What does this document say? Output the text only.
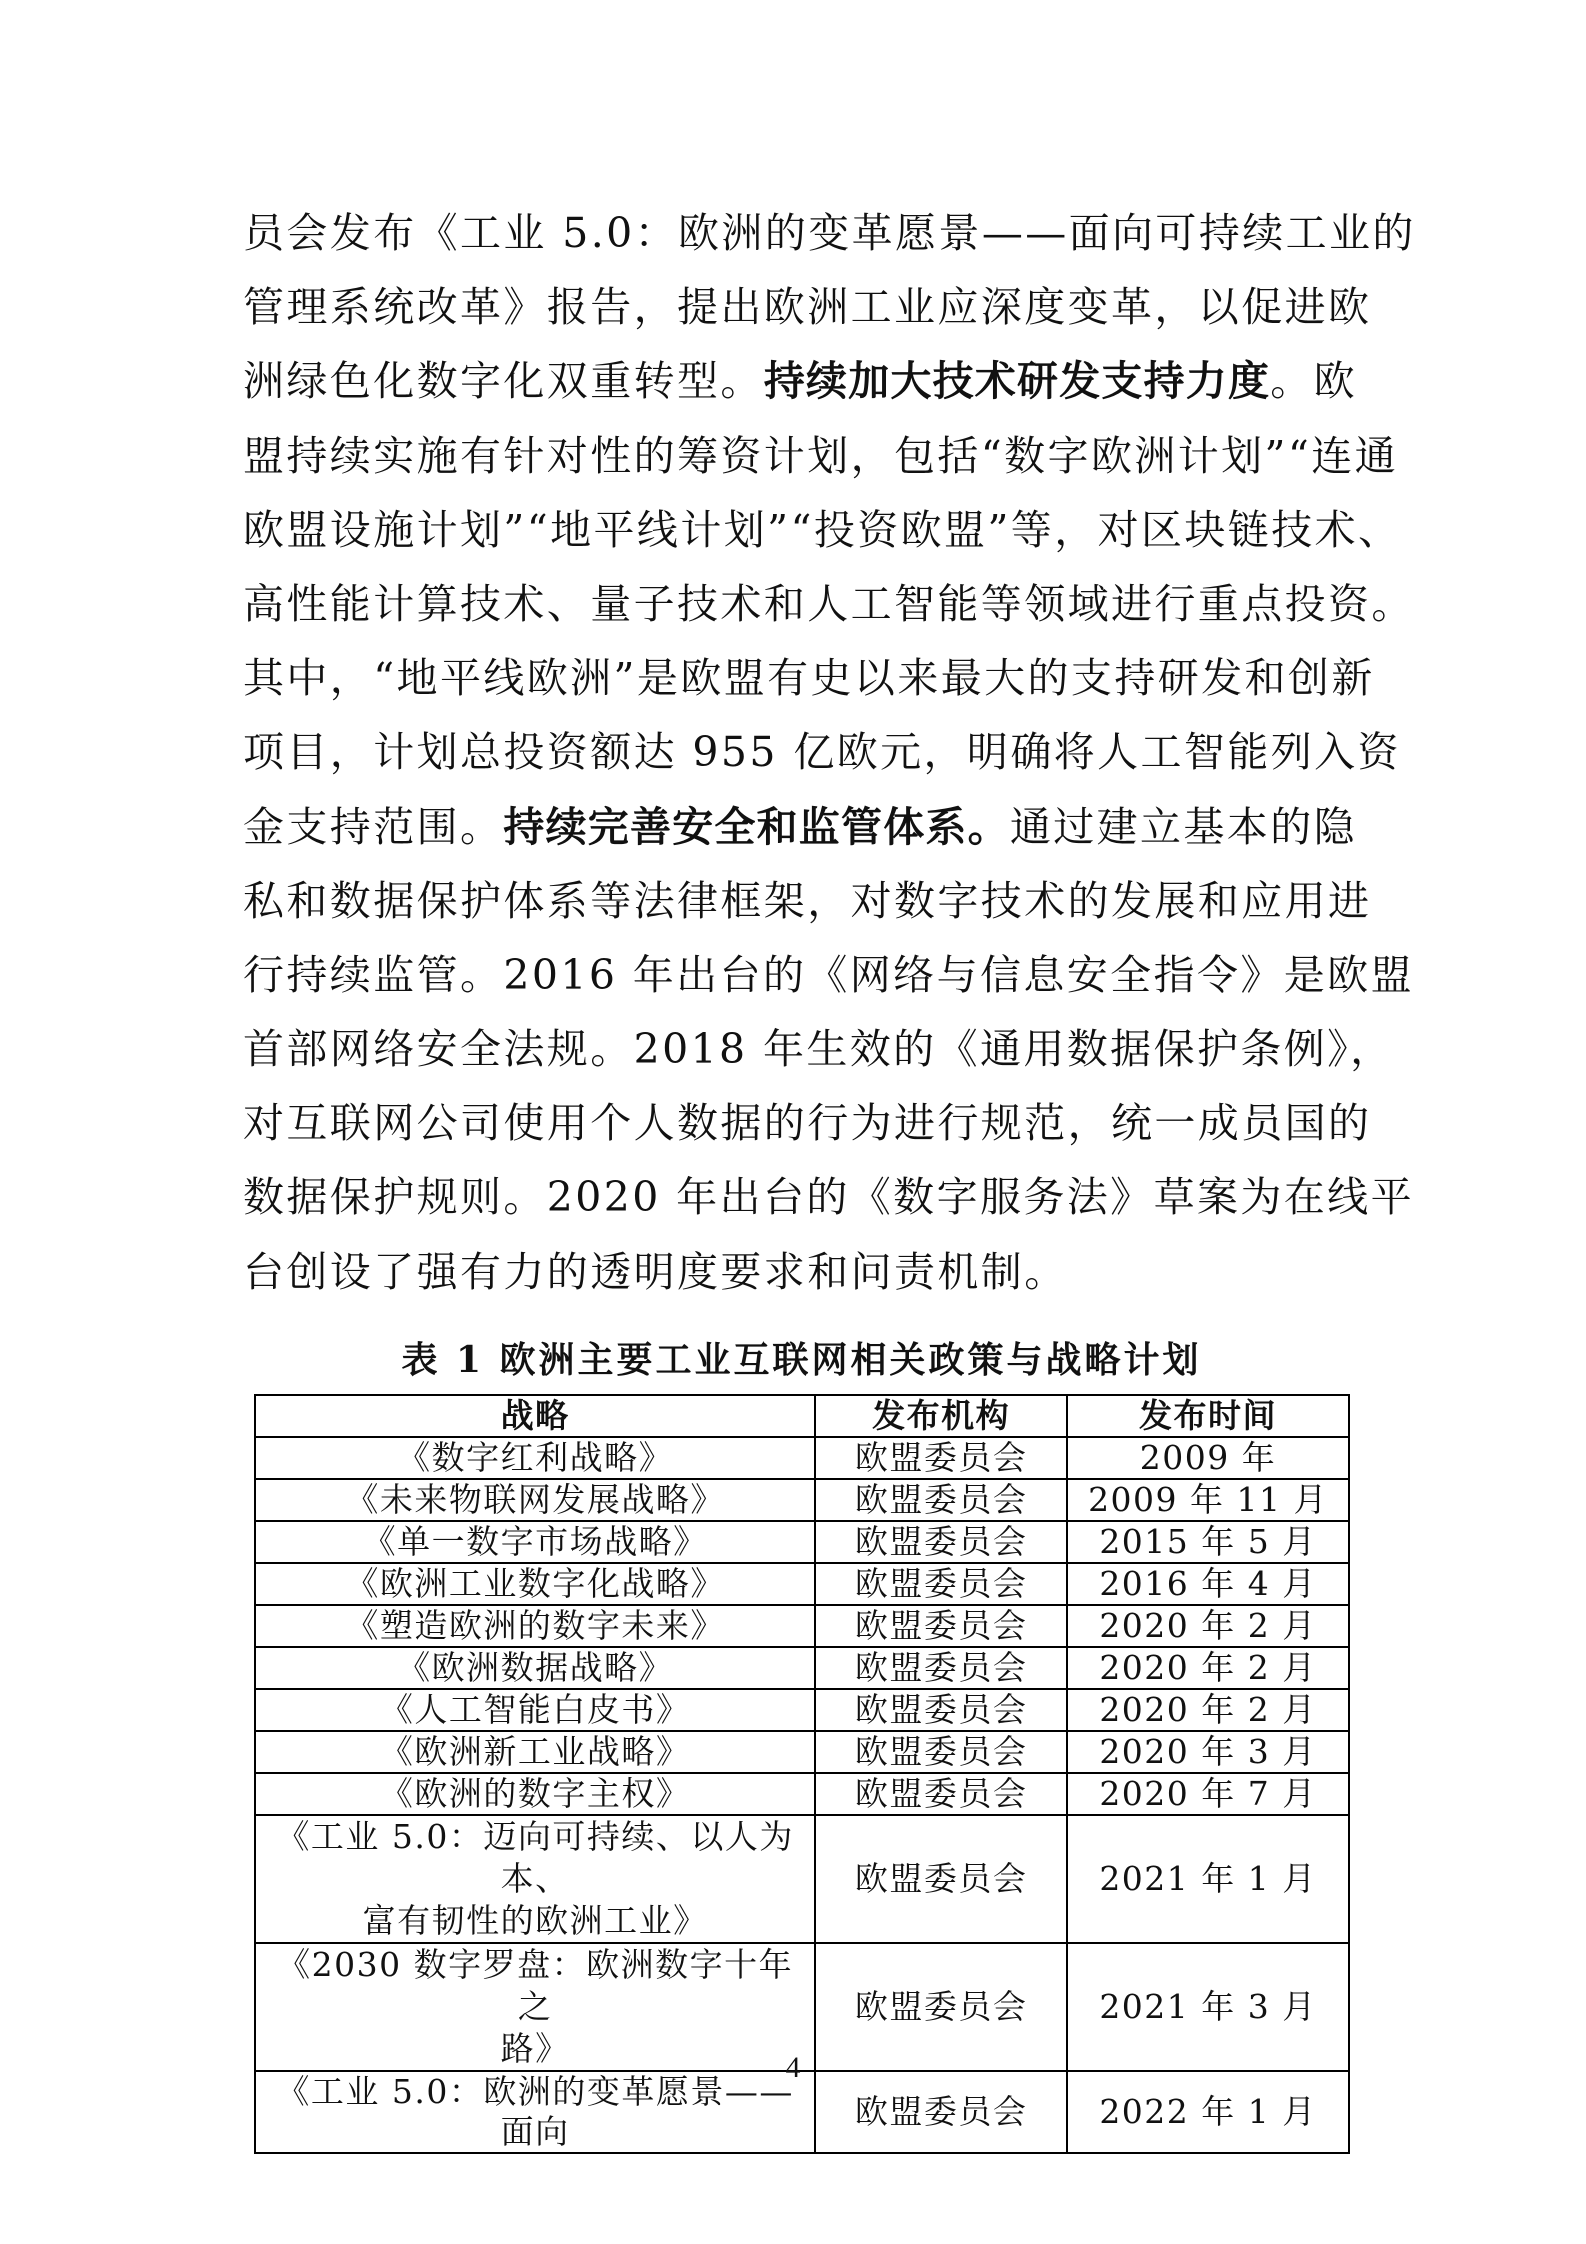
员会发布《工业 5.0：欧洲的变革愿景——面向可持续工业的
管理系统改革》报告，提出欧洲工业应深度变革，以促进欧
洲绿色化数字化双重转型。持续加大技术研发支持力度。欧
盟持续实施有针对性的筹资计划，包括“数字欧洲计划”“连通
欧盟设施计划”“地平线计划”“投资欧盟”等，对区块链技术、
高性能计算技术、量子技术和人工智能等领域进行重点投资。
其中，“地平线欧洲”是欧盟有史以来最大的支持研发和创新
项目，计划总投资额达 955 亿欧元，明确将人工智能列入资
金支持范围。持续完善安全和监管体系。通过建立基本的隐
私和数据保护体系等法律框架，对数字技术的发展和应用进
行持续监管。2016 年出台的《网络与信息安全指令》是欧盟
首部网络安全法规。2018 年生效的《通用数据保护条例》，
对互联网公司使用个人数据的行为进行规范，统一成员国的
数据保护规则。2020 年出台的《数字服务法》草案为在线平
台创设了强有力的透明度要求和问责机制。
表 1 欧洲主要工业互联网相关政策与战略计划
战略	发布机构	发布时间
《数字红利战略》	欧盟委员会	2009 年
《未来物联网发展战略》	欧盟委员会	2009 年 11 月
《单一数字市场战略》	欧盟委员会	2015 年 5 月
《欧洲工业数字化战略》	欧盟委员会	2016 年 4 月
《塑造欧洲的数字未来》	欧盟委员会	2020 年 2 月
《欧洲数据战略》	欧盟委员会	2020 年 2 月
《人工智能白皮书》	欧盟委员会	2020 年 2 月
《欧洲新工业战略》	欧盟委员会	2020 年 3 月
《欧洲的数字主权》	欧盟委员会	2020 年 7 月
《工业 5.0：迈向可持续、以人为本、
富有韧性的欧洲工业》	欧盟委员会	2021 年 1 月
《2030 数字罗盘：欧洲数字十年之
路》	欧盟委员会	2021 年 3 月
《工业 5.0：欧洲的变革愿景——面向	欧盟委员会	2022 年 1 月
4
